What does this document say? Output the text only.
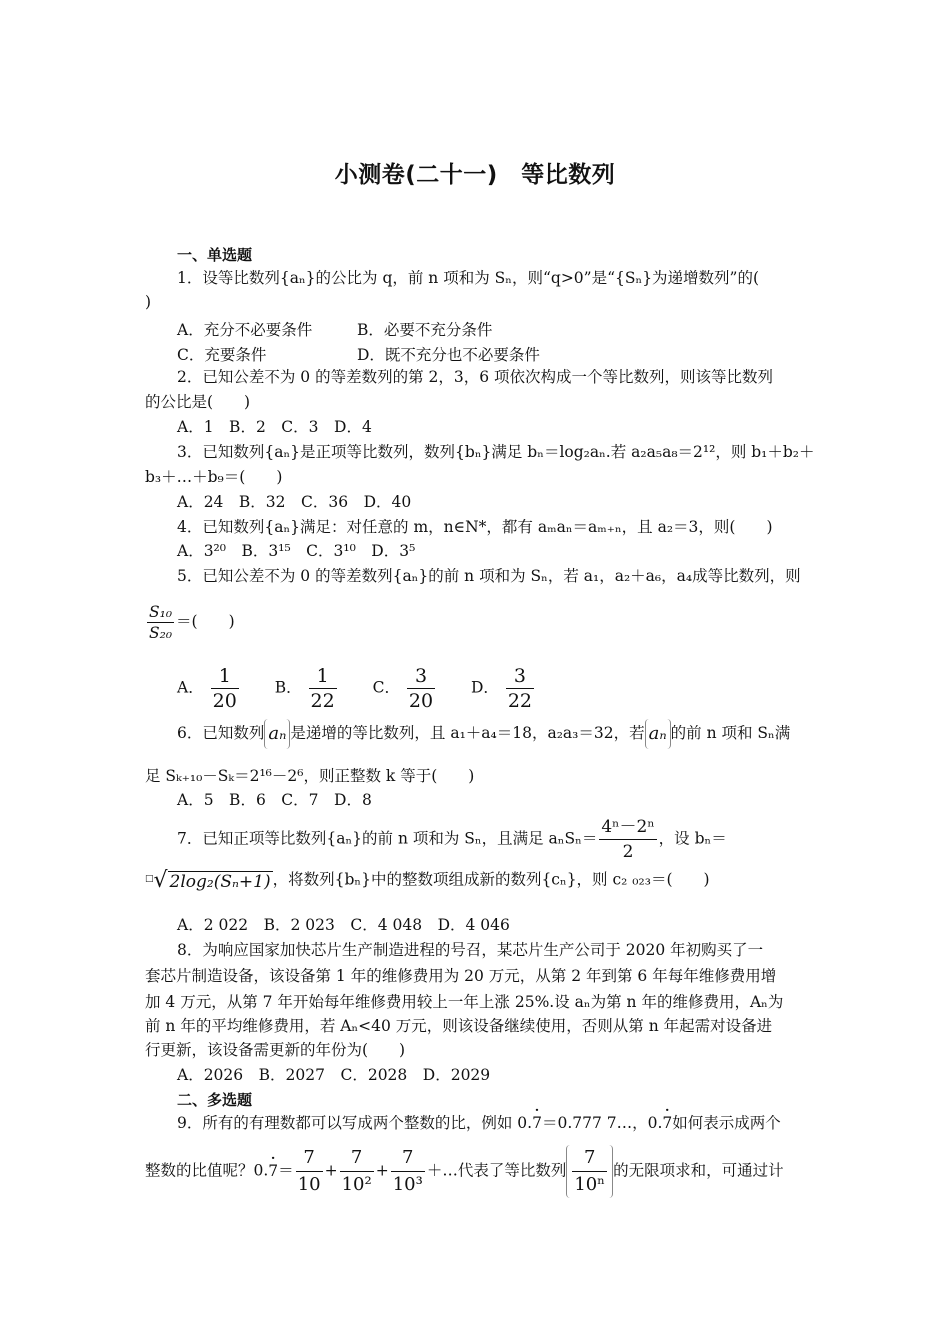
小测卷(二十一)　等比数列
一、单选题
1．设等比数列{aₙ}的公比为 q，前 n 项和为 Sₙ，则“q>0”是“{Sₙ}为递增数列”的(
)
A．充分不必要条件	B．必要不充分条件
C．充要条件	D．既不充分也不必要条件
2．已知公差不为 0 的等差数列的第 2，3，6 项依次构成一个等比数列，则该等比数列
的公比是(　　)
A．1　B．2　C．3　D．4
3．已知数列{aₙ}是正项等比数列，数列{bₙ}满足 bₙ＝log₂aₙ.若 a₂a₅a₈＝2¹²，则 b₁＋b₂＋
b₃＋…＋b₉＝(　　)
A．24　B．32　C．36　D．40
4．已知数列{aₙ}满足：对任意的 m，n∈N*，都有 aₘaₙ＝aₘ₊ₙ，且 a₂＝3，则(　　)
A．3²⁰　B．3¹⁵　C．3¹⁰　D．3⁵
5．已知公差不为 0 的等差数列{aₙ}的前 n 项和为 Sₙ，若 a₁，a₂＋a₆，a₄成等比数列，则
$\frac{\text{S₁₀}}{\text{S₂₀}}$ ＝(　　)
A． $\frac{1}{20}$ B． $\frac{1}{22}$ C． $\frac{3}{20}$ D． $\frac{3}{22}$
6．已知数列 aₙ 是递增的等比数列，且 a₁＋a₄＝18，a₂a₃＝32，若 aₙ 的前 n 项和 Sₙ满
足 Sₖ₊₁₀－Sₖ＝2¹⁶－2⁶，则正整数 k 等于(　　)
A．5　B．6　C．7　D．8
7．已知正项等比数列{aₙ}的前 n 项和为 Sₙ，且满足 $a_nS_n= \frac{\text{4ⁿ－2ⁿ}}{2}$ ，设 bₙ＝
□√ 2log₂(Sₙ+1) ，将数列{bₙ}中的整数项组成新的数列{cₙ}，则 c₂ ₀₂₃＝(　　)
A．2 022　B．2 023　C．4 048　D．4 046
8．为响应国家加快芯片生产制造进程的号召，某芯片生产公司于 2020 年初购买了一
套芯片制造设备，该设备第 1 年的维修费用为 20 万元，从第 2 年到第 6 年每年维修费用增
加 4 万元，从第 7 年开始每年维修费用较上一年上涨 25%.设 aₙ为第 n 年的维修费用，Aₙ为
前 n 年的平均维修费用，若 Aₙ<40 万元，则该设备继续使用，否则从第 n 年起需对设备进
行更新，该设备需更新的年份为(　　)
A．2026　B．2027　C．2028　D．2029
二、多选题
9．所有的有理数都可以写成两个整数的比，例如 0.7 ·＝0.777 7…，0.7 ·如何表示成两个
整数的比值呢？$0.7 \cdot= \frac{7}{10} + \frac{7}{\text{10²}} + \frac{7}{\text{10³}}$ ＋…代表了等比数列 $\frac{7}{\text{10ⁿ}}$ 的无限项求和，可通过计
